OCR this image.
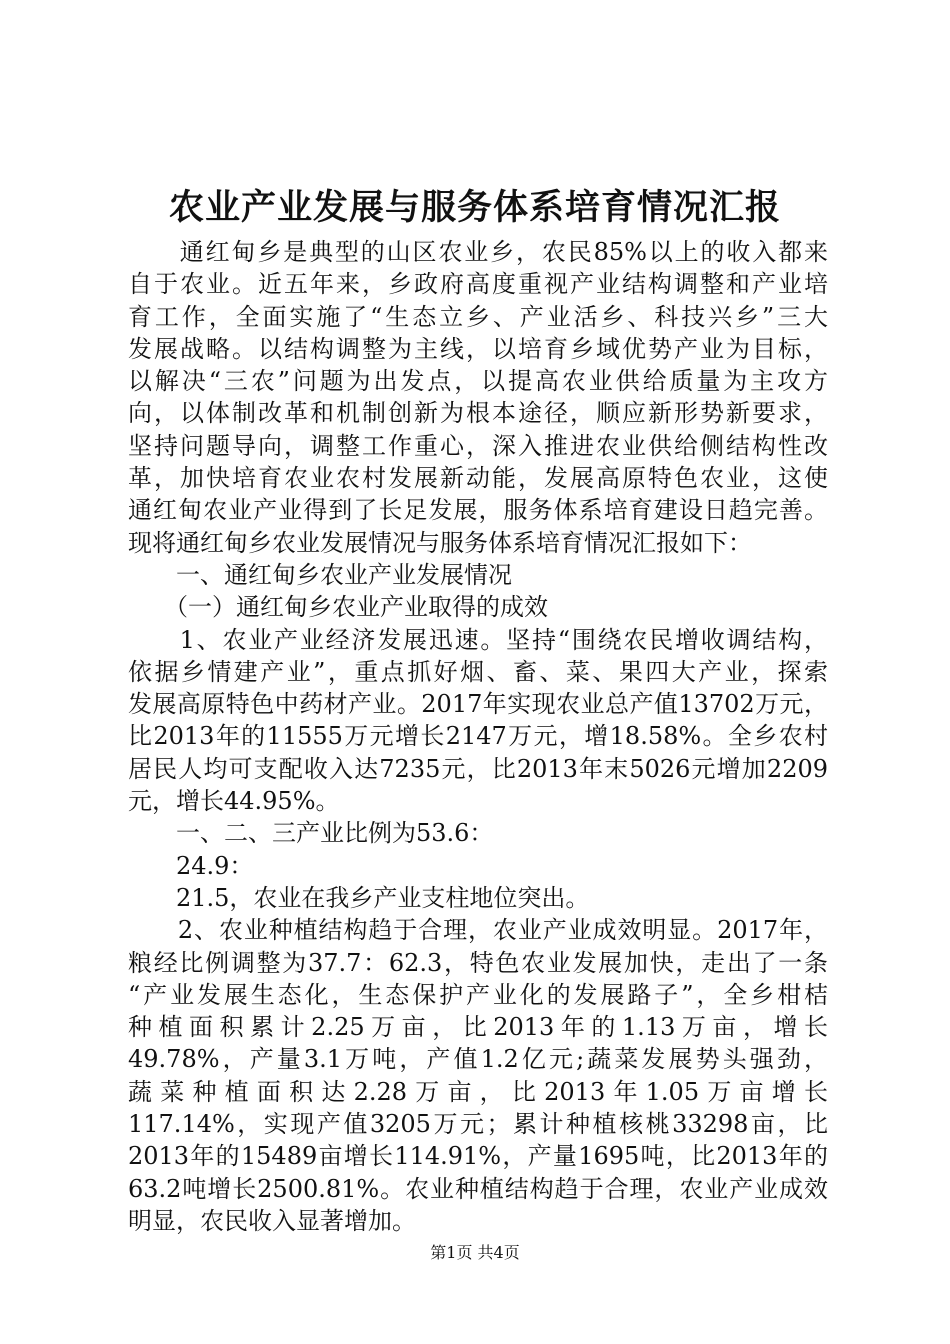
农业产业发展与服务体系培育情况汇报
　　通红甸乡是典型的山区农业乡，农民85%以上的收入都来
自于农业。近五年来，乡政府高度重视产业结构调整和产业培
育工作，全面实施了“生态立乡、产业活乡、科技兴乡”三大
发展战略。以结构调整为主线，以培育乡域优势产业为目标，
以解决“三农”问题为出发点，以提高农业供给质量为主攻方
向，以体制改革和机制创新为根本途径，顺应新形势新要求，
坚持问题导向，调整工作重心，深入推进农业供给侧结构性改
革，加快培育农业农村发展新动能，发展高原特色农业，这使
通红甸农业产业得到了长足发展，服务体系培育建设日趋完善。
现将通红甸乡农业发展情况与服务体系培育情况汇报如下：
　　一、通红甸乡农业产业发展情况
　　（一）通红甸乡农业产业取得的成效
　　1、农业产业经济发展迅速。坚持“围绕农民增收调结构，
依据乡情建产业”，重点抓好烟、畜、菜、果四大产业，探索
发展高原特色中药材产业。2017年实现农业总产值13702万元，
比2013年的11555万元增长2147万元，增18.58%。全乡农村
居民人均可支配收入达7235元，比2013年末5026元增加2209
元，增长44.95%。
　　一、二、三产业比例为53.6：
　　24.9：
　　21.5，农业在我乡产业支柱地位突出。
　　2、农业种植结构趋于合理，农业产业成效明显。2017年，
粮经比例调整为37.7：62.3，特色农业发展加快，走出了一条
“产业发展生态化，生态保护产业化的发展路子”，全乡柑桔
种植面积累计2.25万亩，比2013年的1.13万亩，增长
49.78%，产量3.1万吨，产值1.2亿元;蔬菜发展势头强劲，
蔬菜种植面积达2.28万亩，比2013年1.05万亩增长
117.14%，实现产值3205万元；累计种植核桃33298亩，比
2013年的15489亩增长114.91%，产量1695吨，比2013年的
63.2吨增长2500.81%。农业种植结构趋于合理，农业产业成效
明显，农民收入显著增加。
第1页 共4页
